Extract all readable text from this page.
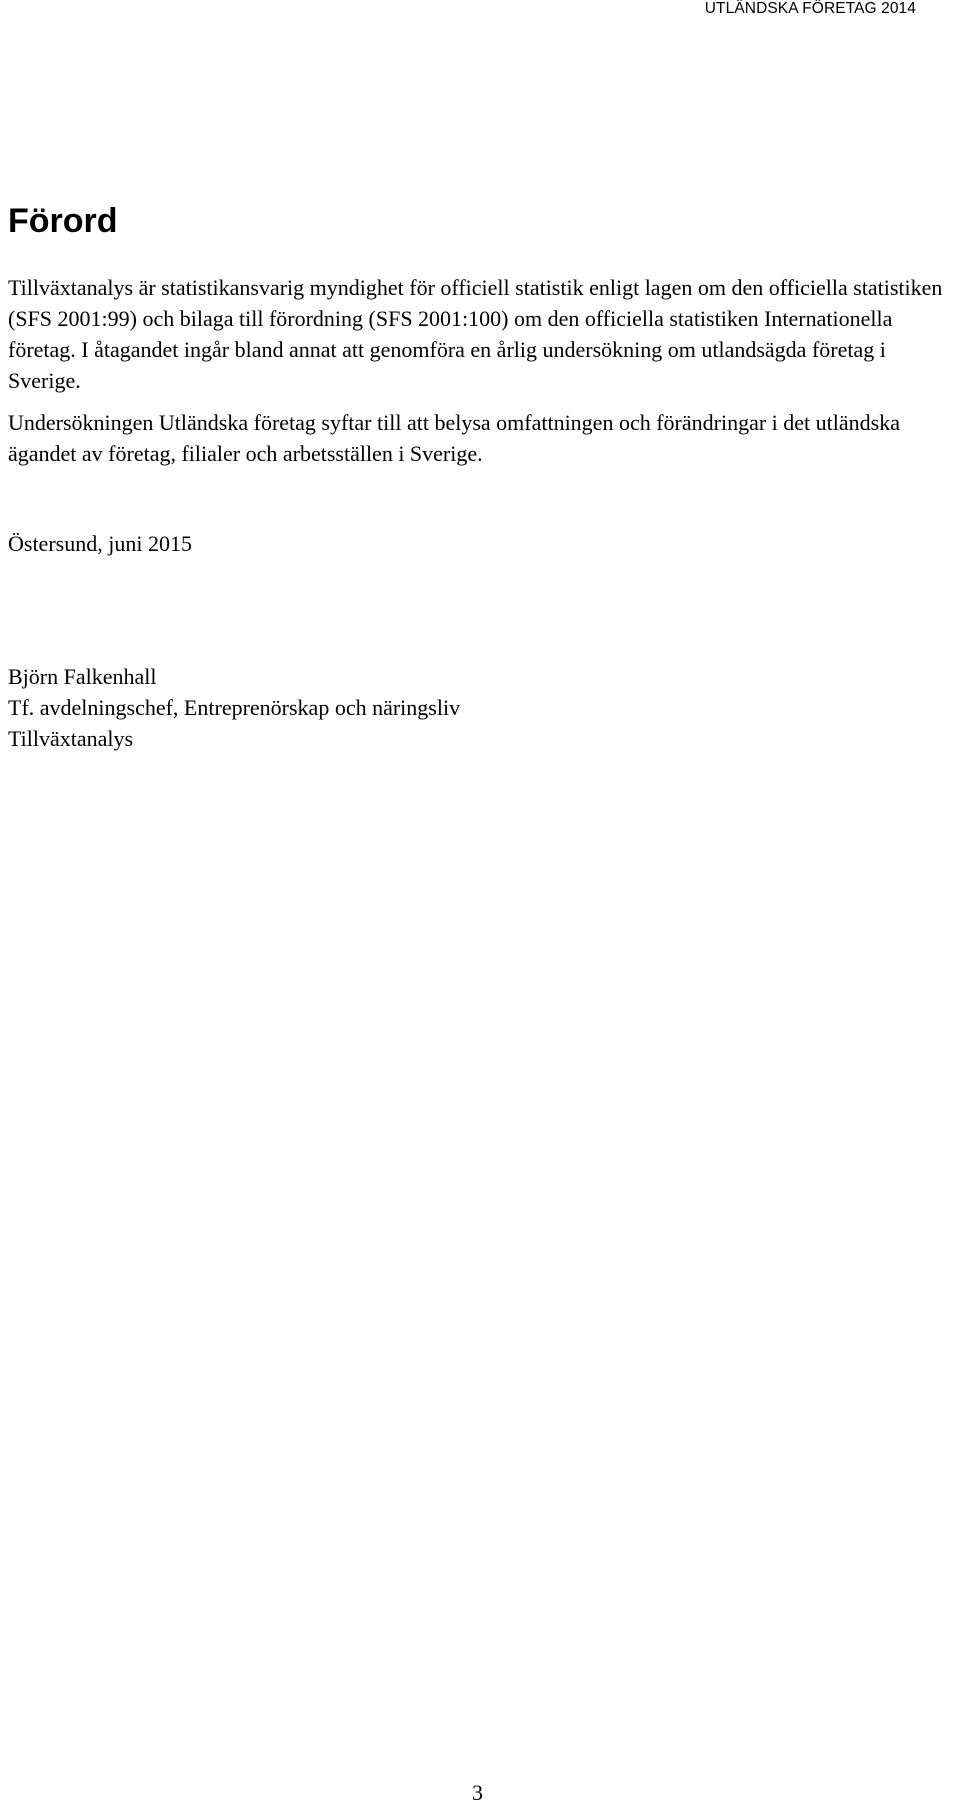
UTLÄNDSKA FÖRETAG 2014
Förord

Tillväxtanalys är statistikansvarig myndighet för officiell statistik enligt lagen om den officiella statistiken (SFS 2001:99) och bilaga till förordning (SFS 2001:100) om den officiella statistiken Internationella företag. I åtagandet ingår bland annat att genomföra en årlig undersökning om utlandsägda företag i Sverige.

Undersökningen Utländska företag syftar till att belysa omfattningen och förändringar i det utländska ägandet av företag, filialer och arbetsställen i Sverige.

Östersund, juni 2015

Björn Falkenhall
Tf. avdelningschef, Entreprenörskap och näringsliv
Tillväxtanalys
3
